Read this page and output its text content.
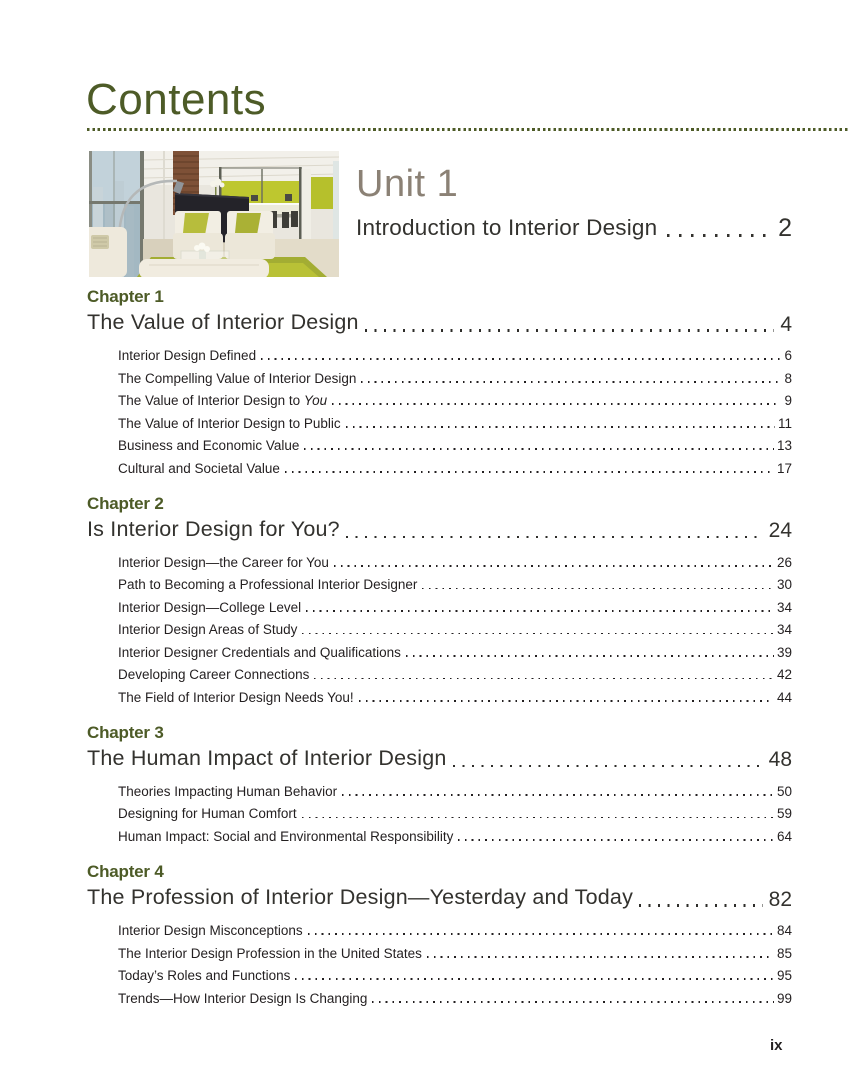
Contents
Unit 1
Introduction to Interior Design	2
Chapter 1
The Value of Interior Design	4
Interior Design Defined	6
The Compelling Value of Interior Design	8
The Value of Interior Design to You	9
The Value of Interior Design to Public	11
Business and Economic Value	13
Cultural and Societal Value	17
Chapter 2
Is Interior Design for You?	24
Interior Design—the Career for You	26
Path to Becoming a Professional Interior Designer	30
Interior Design—College Level	34
Interior Design Areas of Study	34
Interior Designer Credentials and Qualifications	39
Developing Career Connections	42
The Field of Interior Design Needs You!	44
Chapter 3
The Human Impact of Interior Design	48
Theories Impacting Human Behavior	50
Designing for Human Comfort	59
Human Impact: Social and Environmental Responsibility	64
Chapter 4
The Profession of Interior Design—Yesterday and Today	82
Interior Design Misconceptions	84
The Interior Design Profession in the United States	85
Today’s Roles and Functions	95
Trends—How Interior Design Is Changing	99
ix
